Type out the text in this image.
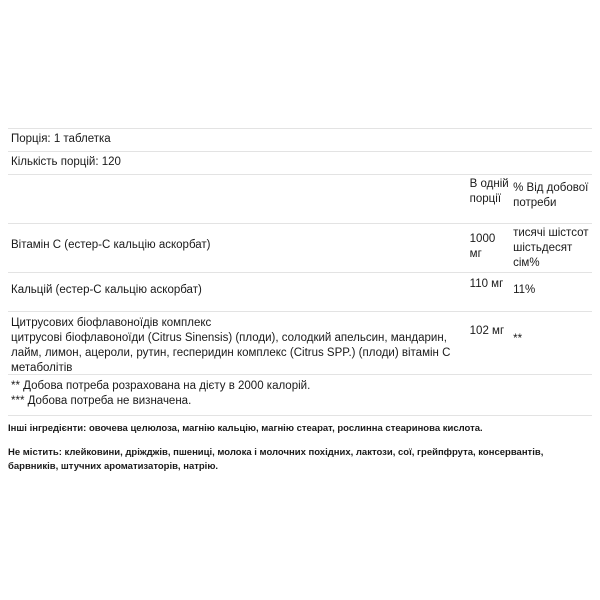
Порція: 1 таблетка
Кількість порцій: 120
В одній порції
% Від добової потреби
Вітамін С (естер-С кальцію аскорбат)	1000 мг
тисячі шістсот шістьдесят сім%
Кальцій (естер-С кальцію аскорбат)	110 мг 11%
Цитрусових біофлавоноїдів комплекс
цитрусові біофлавоноїди (Citrus Sinensis) (плоди), солодкий апельсин, мандарин, лайм, лимон, ацероли, рутин, гесперидин комплекс (Citrus SPP.) (плоди) вітамін С метаболітів
102 мг
**
** Добова потреба розрахована на дієту в 2000 калорій.
*** Добова потреба не визначена.

Інші інгредієнти: овочева целюлоза, магнію кальцію, магнію стеарат, рослинна стеаринова кислота.

Не містить: клейковини, дріжджів, пшениці, молока і молочних похідних, лактози, сої, грейпфрута, консервантів, барвників, штучних ароматизаторів, натрію.
